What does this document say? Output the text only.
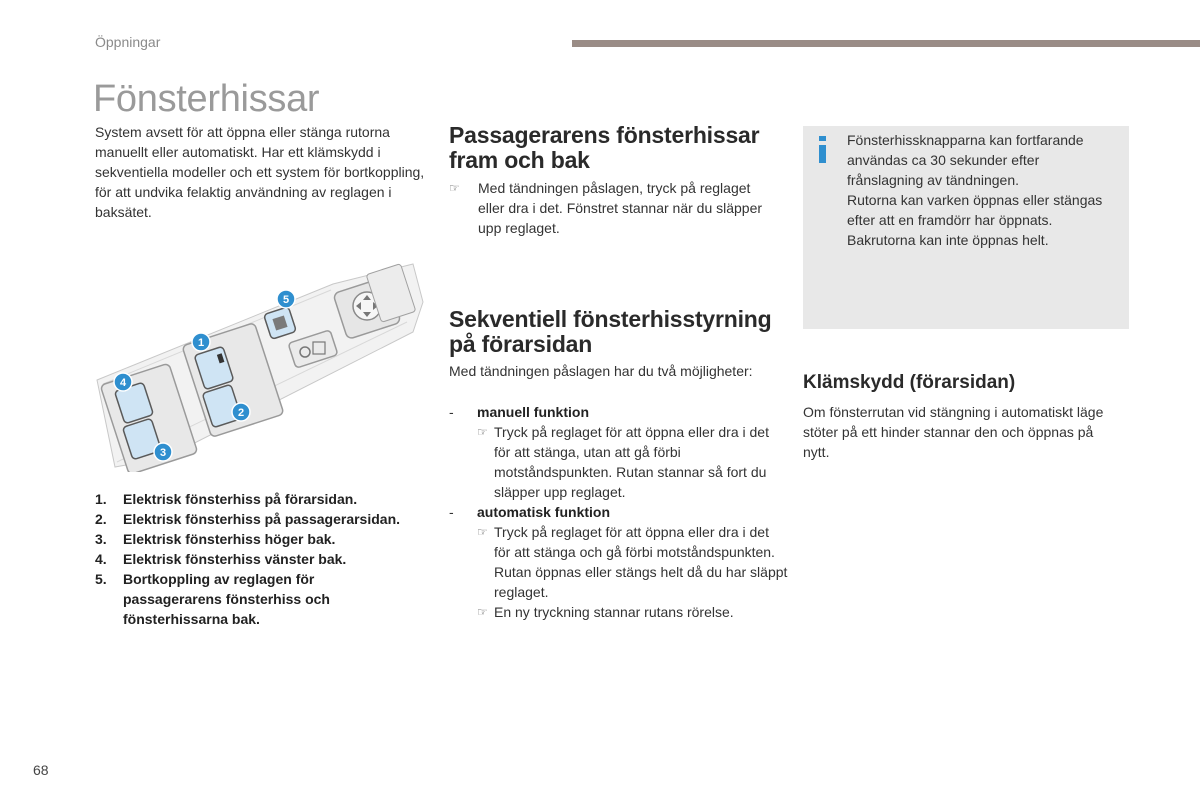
Öppningar
Fönsterhissar

System avsett för att öppna eller stänga rutorna manuellt eller automatiskt. Har ett klämskydd i sekventiella modeller och ett system för bortkoppling, för att undvika felaktig användning av reglagen i baksätet.

1
2
3
4
5
1.	Elektrisk fönsterhiss på förarsidan.
2.	Elektrisk fönsterhiss på passagerarsidan.
3.	Elektrisk fönsterhiss höger bak.
4.	Elektrisk fönsterhiss vänster bak.
5.	Bortkoppling av reglagen för passagerarens fönsterhiss och fönsterhissarna bak.
Passagerarens fönsterhissar fram och bak
☞	Med tändningen påslagen, tryck på reglaget eller dra i det. Fönstret stannar när du släpper upp reglaget.
Sekventiell fönsterhisstyrning på förarsidan

Med tändningen påslagen har du två möjligheter:

-	manuell funktion
☞ Tryck på reglaget för att öppna eller dra i det för att stänga, utan att gå förbi motståndspunkten. Rutan stannar så fort du släpper upp reglaget.
-	automatisk funktion
☞ Tryck på reglaget för att öppna eller dra i det för att stänga och gå förbi motståndspunkten. Rutan öppnas eller stängs helt då du har släppt reglaget.
☞ En ny tryckning stannar rutans rörelse.
Fönsterhissknapparna kan fortfarande användas ca 30 sekunder efter frånslagning av tändningen.
Rutorna kan varken öppnas eller stängas efter att en framdörr har öppnats.
Bakrutorna kan inte öppnas helt.
Klämskydd (förarsidan)

Om fönsterrutan vid stängning i automatiskt läge stöter på ett hinder stannar den och öppnas på nytt.

68
